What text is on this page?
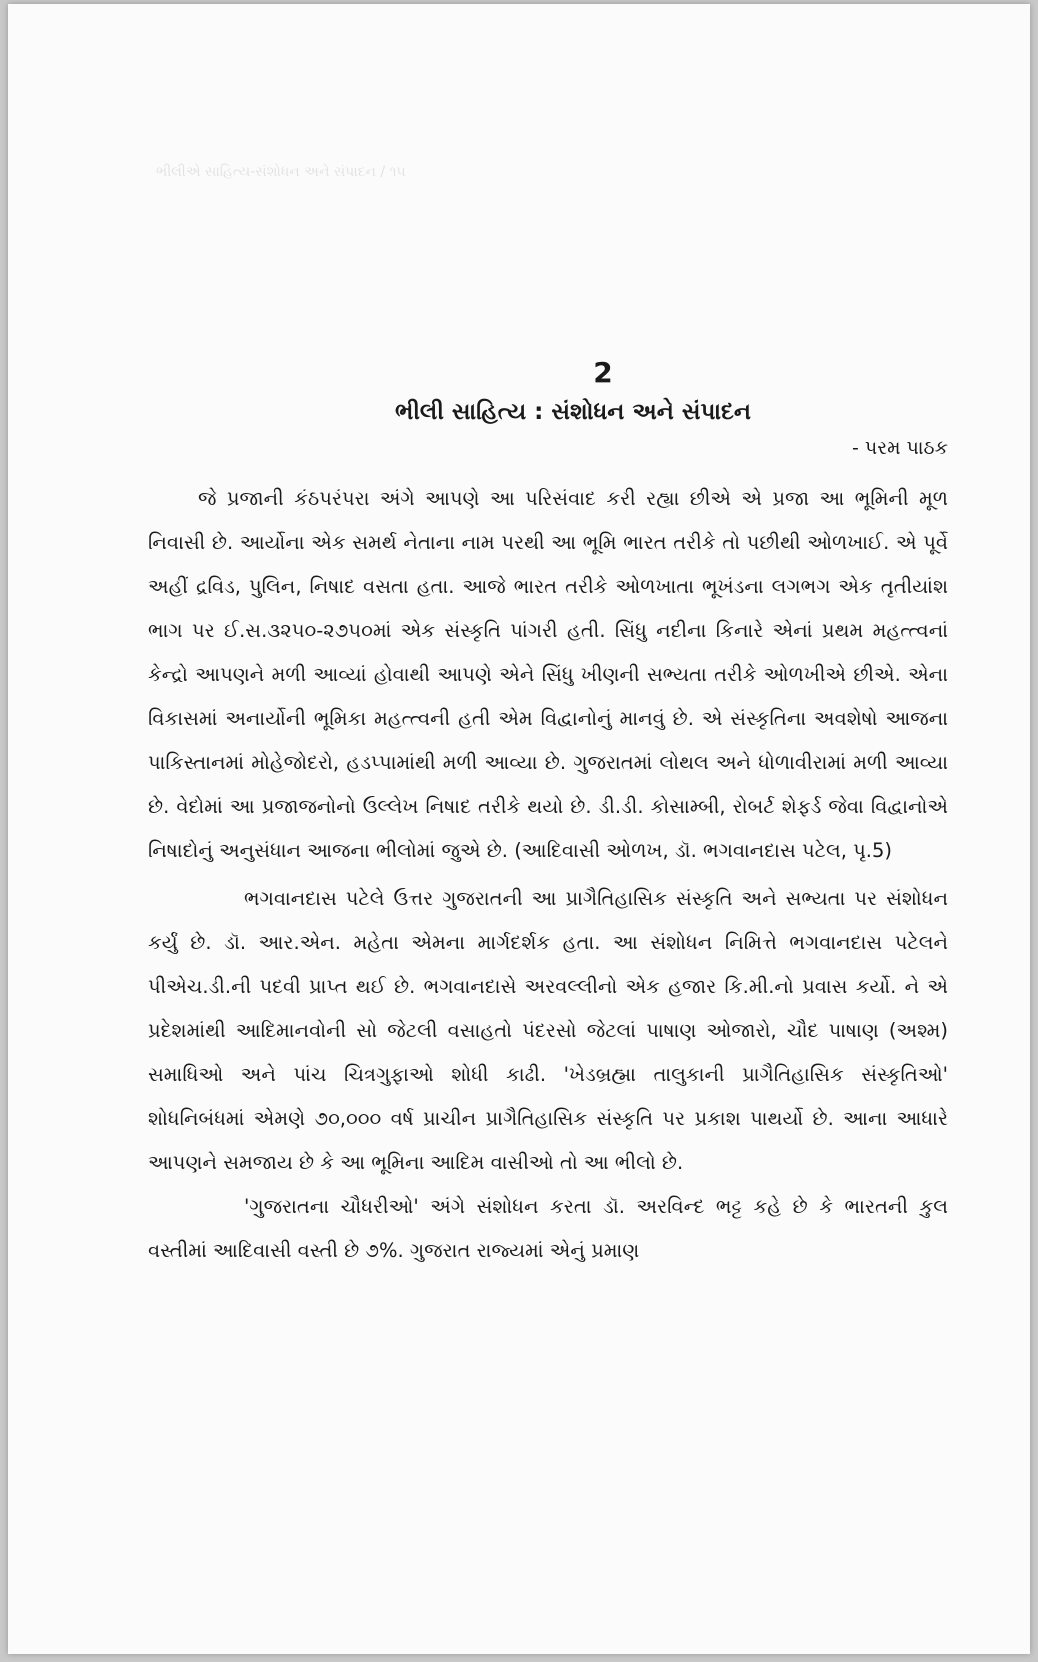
ભીલીએ સાહિત્ય-સંશોધન અને સંપાદન / ૧૫
2
ભીલી સાહિત્ય : સંશોધન અને સંપાદન
- પરમ પાઠક

જે પ્રજાની કંઠપરંપરા અંગે આપણે આ પરિસંવાદ કરી રહ્યા છીએ એ પ્રજા આ ભૂમિની મૂળ નિવાસી છે. આર્યોના એક સમર્થ નેતાના નામ પરથી આ ભૂમિ ભારત તરીકે તો પછીથી ઓળખાઈ. એ પૂર્વે અહીં દ્રવિડ, પુલિન, નિષાદ વસતા હતા. આજે ભારત તરીકે ઓળખાતા ભૂખંડના લગભગ એક તૃતીયાંશ ભાગ પર ઈ.સ.૩૨૫૦-૨૭૫૦માં એક સંસ્કૃતિ પાંગરી હતી. સિંધુ નદીના કિનારે એનાં પ્રથમ મહત્ત્વનાં કેન્દ્રો આપણને મળી આવ્યાં હોવાથી આપણે એને સિંધુ ખીણની સભ્યતા તરીકે ઓળખીએ છીએ. એના વિકાસમાં અનાર્યોની ભૂમિકા મહત્ત્વની હતી એમ વિદ્વાનોનું માનવું છે. એ સંસ્કૃતિના અવશેષો આજના પાકિસ્તાનમાં મોહેજોદરો, હડપ્પામાંથી મળી આવ્યા છે. ગુજરાતમાં લોથલ અને ધોળાવીરામાં મળી આવ્યા છે. વેદોમાં આ પ્રજાજનોનો ઉલ્લેખ નિષાદ તરીકે થયો છે. ડી.ડી. કોસામ્બી, રોબર્ટ શેફર્ડ જેવા વિદ્વાનોએ નિષાદોનું અનુસંધાન આજના ભીલોમાં જુએ છે. (આદિવાસી ઓળખ, ડૉ. ભગવાનદાસ પટેલ, પૃ.5)

ભગવાનદાસ પટેલે ઉત્તર ગુજરાતની આ પ્રાગૈતિહાસિક સંસ્કૃતિ અને સભ્યતા પર સંશોધન કર્યું છે. ડૉ. આર.એન. મહેતા એમના માર્ગદર્શક હતા. આ સંશોધન નિમિત્તે ભગવાનદાસ પટેલને પીએચ.ડી.ની પદવી પ્રાપ્ત થઈ છે. ભગવાનદાસે અરવલ્લીનો એક હજાર કિ.મી.નો પ્રવાસ કર્યો. ને એ પ્રદેશમાંથી આદિમાનવોની સો જેટલી વસાહતો પંદરસો જેટલાં પાષાણ ઓજારો, ચૌદ પાષાણ (અશ્મ) સમાધિઓ અને પાંચ ચિત્રગુફાઓ શોધી કાઢી. 'ખેડબ્રહ્મા તાલુકાની પ્રાગૈતિહાસિક સંસ્કૃતિઓ' શોધનિબંધમાં એમણે ૭૦,૦૦૦ વર્ષ પ્રાચીન પ્રાગૈતિહાસિક સંસ્કૃતિ પર પ્રકાશ પાથર્યો છે. આના આધારે આપણને સમજાય છે કે આ ભૂમિના આદિમ વાસીઓ તો આ ભીલો છે.

'ગુજરાતના ચૌધરીઓ' અંગે સંશોધન કરતા ડૉ. અરવિન્દ ભટ્ટ કહે છે કે ભારતની કુલ વસ્તીમાં આદિવાસી વસ્તી છે ૭%. ગુજરાત રાજ્યમાં એનું પ્રમાણ
